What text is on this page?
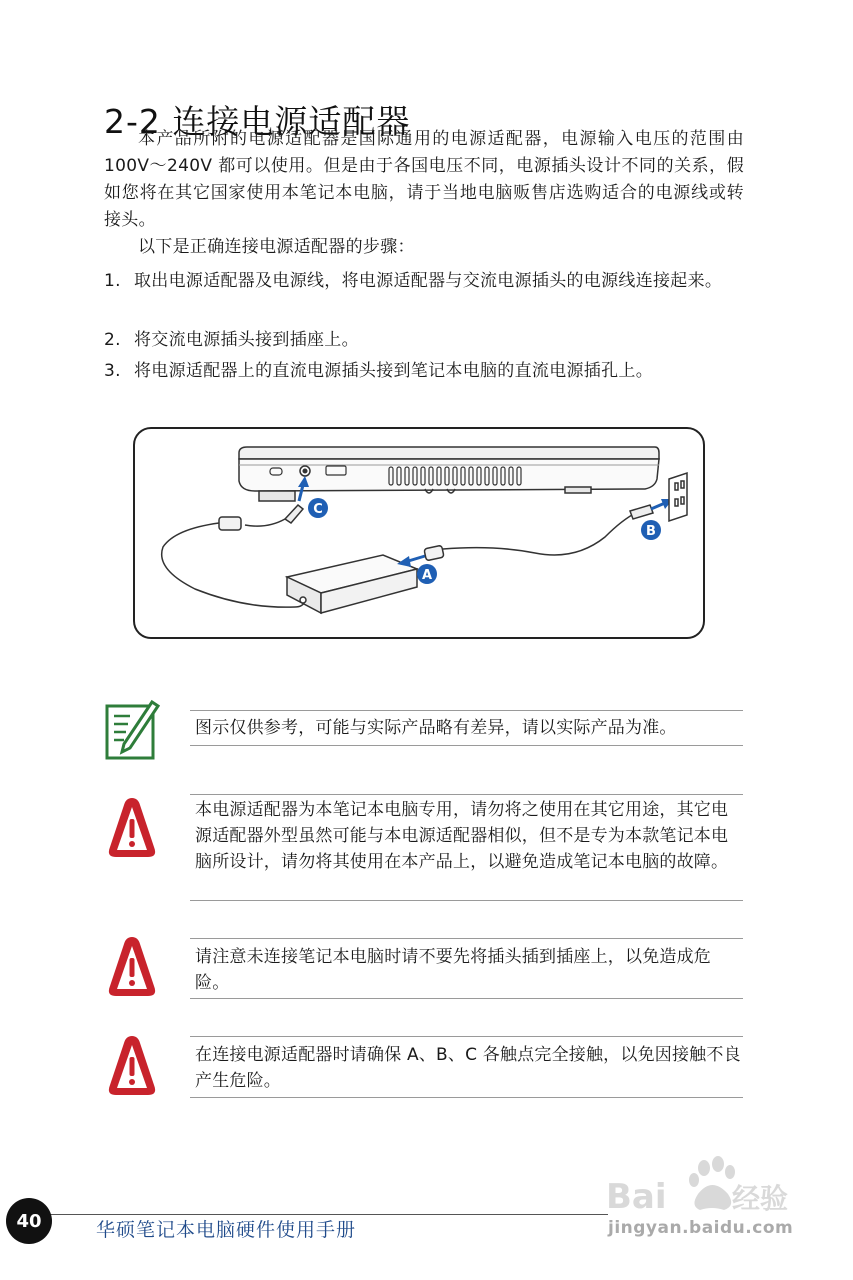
2-2 连接电源适配器

本产品所附的电源适配器是国际通用的电源适配器，电源输入电压的范围由 100V～240V 都可以使用。但是由于各国电压不同，电源插头设计不同的关系，假如您将在其它国家使用本笔记本电脑，请于当地电脑贩售店选购适合的电源线或转接头。

以下是正确连接电源适配器的步骤：

1. 取出电源适配器及电源线，将电源适配器与交流电源插头的电源线连接起来。
2. 将交流电源插头接到插座上。
3. 将电源适配器上的直流电源插头接到笔记本电脑的直流电源插孔上。
C
A
B
图示仅供参考，可能与实际产品略有差异，请以实际产品为准。
本电源适配器为本笔记本电脑专用，请勿将之使用在其它用途，其它电源适配器外型虽然可能与本电源适配器相似，但不是专为本款笔记本电脑所设计，请勿将其使用在本产品上，以避免造成笔记本电脑的故障。
请注意未连接笔记本电脑时请不要先将插头插到插座上，以免造成危险。
在连接电源适配器时请确保 A、B、C 各触点完全接触，以免因接触不良产生危险。
40	华硕笔记本电脑硬件使用手册
Bai 经验
jingyan.baidu.com
